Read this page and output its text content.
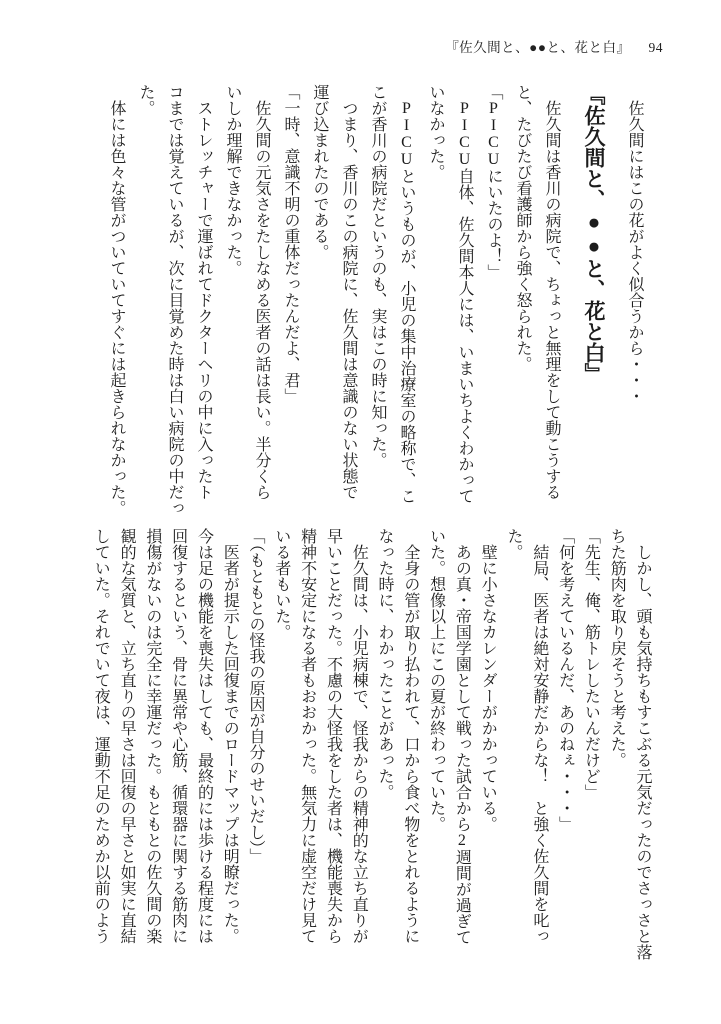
『佐久間と、●●と、花と白』 94

　佐久間にはこの花がよく似合うから・・・

『佐久間と、●●と、花と白』

　佐久間は香川の病院で、ちょっと無理をして動こうする

と、たびたび看護師から強く怒られた。

「PICUにいたのよ！」

　PICU自体、佐久間本人には、いまいちよくわかって

いなかった。

　PICUというものが、小児の集中治療室の略称で、こ

こが香川の病院だというのも、実はこの時に知った。

　つまり、香川のこの病院に、佐久間は意識のない状態で

運び込まれたのである。

「一時、意識不明の重体だったんだよ、君」

　佐久間の元気さをたしなめる医者の話は長い。半分くら

いしか理解できなかった。

　ストレッチャーで運ばれてドクターヘリの中に入ったト

コまでは覚えているが、次に目覚めた時は白い病院の中だっ

た。

　体には色々な管がついていてすぐには起きられなかった。

　しかし、頭も気持ちもすこぶる元気だったのでさっさと落

ちた筋肉を取り戻そうと考えた。

「先生、俺、筋トレしたいんだけど」

「何を考えているんだ、あのねぇ・・・」

　結局、医者は絶対安静だからな！　と強く佐久間を叱っ

た。

　壁に小さなカレンダーがかかっている。

　あの真・帝国学園として戦った試合から2週間が過ぎて

いた。想像以上にこの夏が終わっていた。

　全身の管が取り払われて、口から食べ物をとれるように

なった時に、わかったことがあった。

　佐久間は、小児病棟で、怪我からの精神的な立ち直りが

早いことだった。不慮の大怪我をした者は、機能喪失から

精神不安定になる者もおおかった。無気力に虚空だけ見て

いる者もいた。

「（もともとの怪我の原因が自分のせいだし）」

　医者が提示した回復までのロードマップは明瞭だった。

今は足の機能を喪失はしても、最終的には歩ける程度には

回復するという、骨に異常や心筋、循環器に関する筋肉に

損傷がないのは完全に幸運だった。もともとの佐久間の楽

観的な気質と、立ち直りの早さは回復の早さと如実に直結

していた。それでいて夜は、運動不足のためか以前のよう
